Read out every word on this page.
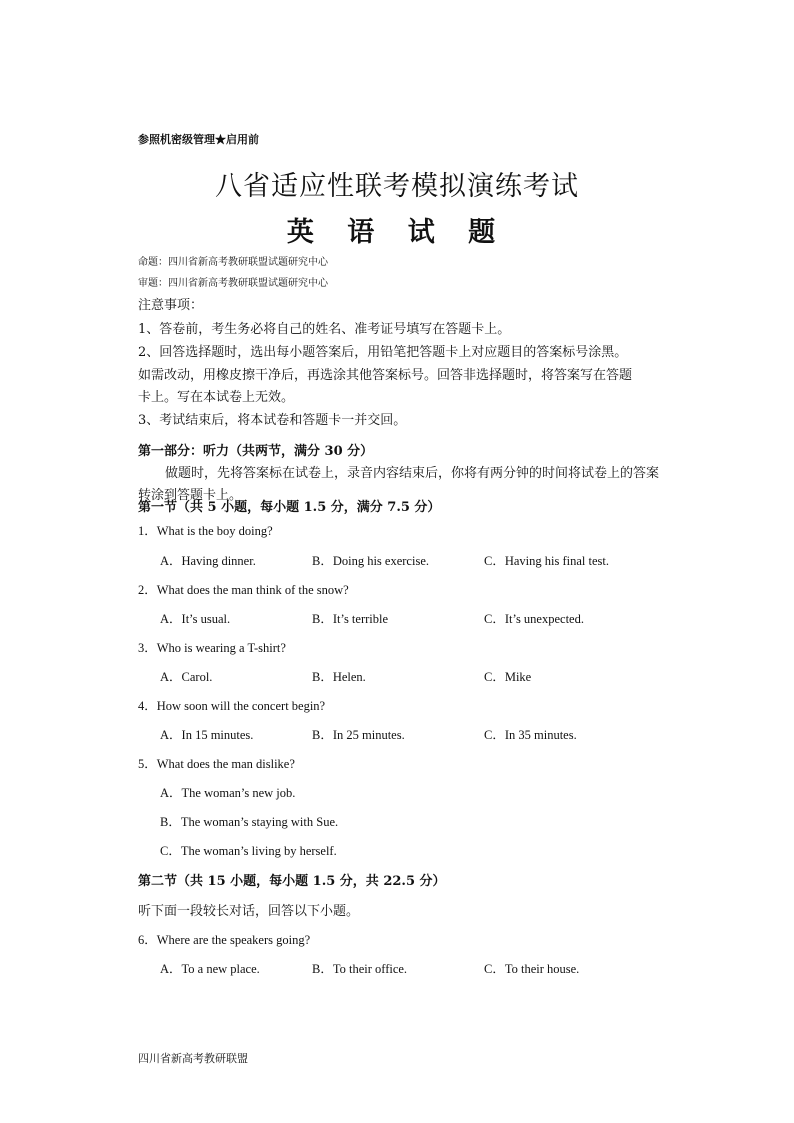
参照机密级管理★启用前
八省适应性联考模拟演练考试
英 语 试 题
命题：四川省新高考教研联盟试题研究中心
审题：四川省新高考教研联盟试题研究中心
注意事项：
1、答卷前，考生务必将自己的姓名、准考证号填写在答题卡上。
2、回答选择题时，选出每小题答案后，用铅笔把答题卡上对应题目的答案标号涂黑。
如需改动，用橡皮擦干净后，再选涂其他答案标号。回答非选择题时，将答案写在答题
卡上。写在本试卷上无效。
3、考试结束后，将本试卷和答题卡一并交回。
第一部分：听力（共两节，满分 30 分）
做题时，先将答案标在试卷上，录音内容结束后，你将有两分钟的时间将试卷上的答案
转涂到答题卡上。
第一节（共 5 小题，每小题 1.5 分，满分 7.5 分）
1．What is the boy doing?
A．Having dinner.	B．Doing his exercise.	C．Having his final test.
2．What does the man think of the snow?
A．It’s usual.	B．It’s terrible	C．It’s unexpected.
3．Who is wearing a T-shirt?
A．Carol.	B．Helen.	C．Mike
4．How soon will the concert begin?
A．In 15 minutes.	B．In 25 minutes.	C．In 35 minutes.
5．What does the man dislike?
A．The woman’s new job.
B．The woman’s staying with Sue.
C．The woman’s living by herself.
第二节（共 15 小题，每小题 1.5 分，共 22.5 分）
听下面一段较长对话，回答以下小题。
6．Where are the speakers going?
A．To a new place.	B．To their office.	C．To their house.
四川省新高考教研联盟
